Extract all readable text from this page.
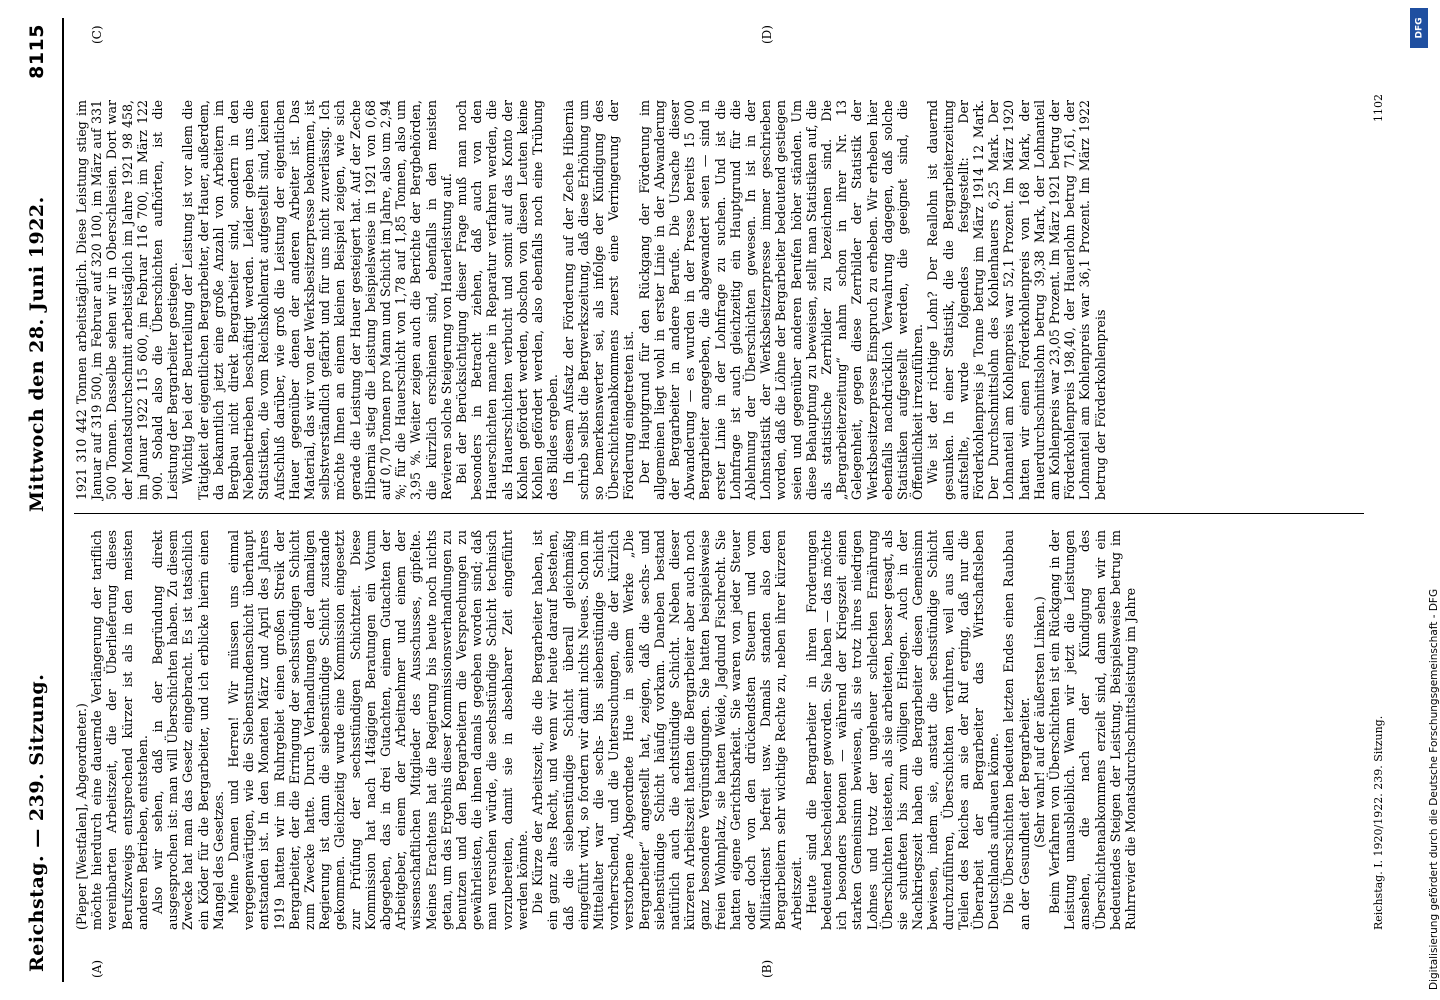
Reichstag. — 239. Sitzung.
Mittwoch den 28. Juni 1922.
8115
(A)	(B)
(C)	(D)

(Pieper [Westfalen], Abgeordneter.) möchte hierdurch eine dauernde Verlängerung der tariflich vereinbarten Arbeitszeit, die der Überlieferung dieses Berufszweigs entsprechend kürzer ist als in den meisten anderen Betrieben, entstehen. Also wir sehen, daß in der Begründung direkt ausgesprochen ist: man will Überschichten haben. Zu diesem Zwecke hat man das Gesetz eingebracht. Es ist tatsächlich ein Köder für die Bergarbeiter, und ich erblicke hierin einen Mangel des Gesetzes. Meine Damen und Herren! Wir müssen uns einmal vergegenwärtigen, wie die Siebenstundenschicht überhaupt entstanden ist. In den Monaten März und April des Jahres 1919 hatten wir im Ruhrgebiet einen großen Streik der Bergarbeiter, der die Erringung der sechsstündigen Schicht zum Zwecke hatte. Durch Verhandlungen der damaligen Regierung ist dann die siebenstündige Schicht zustande gekommen. Gleichzeitig wurde eine Kommission eingesetzt zur Prüfung der sechsstündigen Schichtzeit. Diese Kommission hat nach 14tägigen Beratungen ein Votum abgegeben, das in drei Gutachten, einem Gutachten der Arbeitgeber, einem der Arbeitnehmer und einem der wissenschaftlichen Mitglieder des Ausschusses, gipfelte. Meines Erachtens hat die Regierung bis heute noch nichts getan, um das Ergebnis dieser Kommissionsverhandlungen zu benutzen und den Bergarbeitern die Versprechungen zu gewährleisten, die ihnen damals gegeben worden sind; daß man versuchen würde, die sechsstündige Schicht technisch vorzubereiten, damit sie in absehbarer Zeit eingeführt werden könnte. Die Kürze der Arbeitszeit, die die Bergarbeiter haben, ist ein ganz altes Recht, und wenn wir heute darauf bestehen, daß die siebenstündige Schicht überall gleichmäßig eingeführt wird, so fordern wir damit nichts Neues. Schon im Mittelalter war die sechs- bis siebenstündige Schicht vorherrschend, und die Untersuchungen, die der kürzlich verstorbene Abgeordnete Hue in seinem Werke „Die Bergarbeiter“ angestellt hat, zeigen, daß die sechs- und siebenstündige Schicht häufig vorkam. Daneben bestand natürlich auch die achtstündige Schicht. Neben dieser kürzeren Arbeitszeit hatten die Bergarbeiter aber auch noch ganz besondere Vergünstigungen. Sie hatten beispielsweise freien Wohnplatz, sie hatten Weide, Jagdund Fischrecht. Sie hatten eigene Gerichtsbarkeit. Sie waren von jeder Steuer oder doch von den drückendsten Steuern und vom Militärdienst befreit usw. Damals standen also den Bergarbeitern sehr wichtige Rechte zu, neben ihrer kürzeren Arbeitszeit. Heute sind die Bergarbeiter in ihren Forderungen bedeutend bescheidener geworden. Sie haben — das möchte ich besonders betonen — während der Kriegszeit einen starken Gemeinsinn bewiesen, als sie trotz ihres niedrigen Lohnes und trotz der ungeheuer schlechten Ernährung Überschichten leisteten, als sie arbeiteten, besser gesagt, als sie schufteten bis zum völligen Erliegen. Auch in der Nachkriegszeit haben die Bergarbeiter diesen Gemeinsinn bewiesen, indem sie, anstatt die sechsstündige Schicht durchzuführen, Überschichten verfuhren, weil aus allen Teilen des Reiches an sie der Ruf erging, daß nur die Überarbeit der Bergarbeiter das Wirtschaftsleben Deutschlands aufbauen könne. Die Überschichten bedeuten letzten Endes einen Raubbau an der Gesundheit der Bergarbeiter. (Sehr wahr! auf der äußersten Linken.) Beim Verfahren von Überschichten ist ein Rückgang in der Leistung unausbleiblich. Wenn wir jetzt die Leistungen ansehen, die nach der Kündigung des Überschichtenabkommens erzielt sind, dann sehen wir ein bedeutendes Steigen der Leistung. Beispielsweise betrug im Ruhrrevier die Monatsdurchschnittsleistung im Jahre

1921 310 442 Tonnen arbeitstäglich. Diese Leistung stieg im Januar auf 319 500, im Februar auf 320 100, im März auf 331 500 Tonnen. Dasselbe sehen wir in Oberschlesien. Dort war der Monatsdurchschnitt arbeitstäglich im Jahre 1921 98 458, im Januar 1922 115 600, im Februar 116 700, im März 122 900. Sobald also die Überschichten aufhörten, ist die Leistung der Bergarbeiter gestiegen. Wichtig bei der Beurteilung der Leistung ist vor allem die Tätigkeit der eigentlichen Bergarbeiter, der Hauer, außerdem, da bekanntlich jetzt eine große Anzahl von Arbeitern im Bergbau nicht direkt Bergarbeiter sind, sondern in den Nebenbetrieben beschäftigt werden. Leider geben uns die Statistiken, die vom Reichskohlenrat aufgestellt sind, keinen Aufschluß darüber, wie groß die Leistung der eigentlichen Hauer gegenüber denen der anderen Arbeiter ist. Das Material, das wir von der Werksbesitzerpresse bekommen, ist selbstverständlich gefärbt und für uns nicht zuverlässig. Ich möchte Ihnen an einem kleinen Beispiel zeigen, wie sich gerade die Leistung der Hauer gesteigert hat. Auf der Zeche Hibernia stieg die Leistung beispielsweise in 1921 von 0,68 auf 0,70 Tonnen pro Mann und Schicht im Jahre, also um 2,94 %; für die Hauerschicht von 1,78 auf 1,85 Tonnen, also um 3,95 %. Weiter zeigen auch die Berichte der Bergbehörden, die kürzlich erschienen sind, ebenfalls in den meisten Revieren solche Steigerung von Hauerleistung auf. Bei der Berücksichtigung dieser Frage muß man noch besonders in Betracht ziehen, daß auch von den Hauerschichten manche in Reparatur verfahren werden, die als Hauerschichten verbucht und somit auf das Konto der Kohlen gefördert werden, obschon von diesen Leuten keine Kohlen gefördert werden, also ebenfalls noch eine Trübung des Bildes ergeben. In diesem Aufsatz der Förderung auf der Zeche Hibernia schrieb selbst die Bergwerkszeitung, daß diese Erhöhung um so bemerkenswerter sei, als infolge der Kündigung des Überschichtenabkommens zuerst eine Verringerung der Förderung eingetreten ist. Der Hauptgrund für den Rückgang der Förderung im allgemeinen liegt wohl in erster Linie in der Abwanderung der Bergarbeiter in andere Berufe. Die Ursache dieser Abwanderung — es wurden in der Presse bereits 15 000 Bergarbeiter angegeben, die abgewandert seien — sind in erster Linie in der Lohnfrage zu suchen. Und ist die Lohnfrage ist auch gleichzeitig ein Hauptgrund für die Ablehnung der Überschichten gewesen. In ist in der Lohnstatistik der Werksbesitzerpresse immer geschrieben worden, daß die Löhne der Bergarbeiter bedeutend gestiegen seien und gegenüber anderen Berufen höher ständen. Um diese Behauptung zu beweisen, stellt man Statistiken auf, die als statistische Zerrbilder zu bezeichnen sind. Die „Bergarbeiterzeitung“ nahm schon in ihrer Nr. 13 Gelegenheit, gegen diese Zerrbilder der Statistik der Werksbesitzerpresse Einspruch zu erheben. Wir erheben hier ebenfalls nachdrücklich Verwahrung dagegen, daß solche Statistiken aufgestellt werden, die geeignet sind, die Öffentlichkeit irrezuführen. Wie ist der richtige Lohn? Der Reallohn ist dauernd gesunken. In einer Statistik, die die Bergarbeiterzeitung aufstellte, wurde folgendes festgestellt: Der Förderkohlenpreis je Tonne betrug im März 1914 12 Mark. Der Durchschnittslohn des Kohlenhauers 6,25 Mark. Der Lohnanteil am Kohlenpreis war 52,1 Prozent. Im März 1920 hatten wir einen Förderkohlenpreis von 168 Mark, der Hauerdurchschnittslohn betrug 39,38 Mark, der Lohnanteil am Kohlenpreis war 23,05 Prozent. Im März 1921 betrug der Förderkohlenpreis 198,40, der Hauerlohn betrug 71,61, der Lohnanteil am Kohlenpreis war 36,1 Prozent. Im März 1922 betrug der Förderkohlenpreis

Reichstag. I. 1920/1922. 239. Sitzung.
1102
DFG
Digitalisierung gefördert durch die Deutsche Forschungsgemeinschaft - DFG
